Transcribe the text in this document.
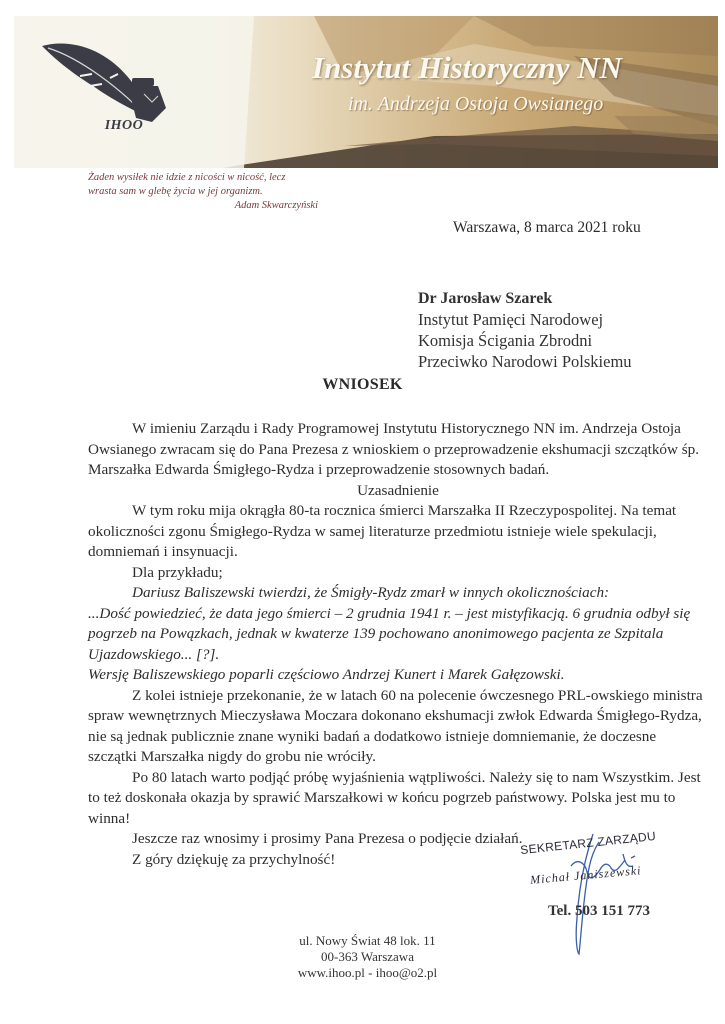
IHOO
Instytut Historyczny NN
im. Andrzeja Ostoja Owsianego
Żaden wysiłek nie idzie z nicości w nicość, lecz
wrasta sam w glebę życia w jej organizm.
Adam Skwarczyński
Warszawa, 8 marca 2021 roku
Dr Jarosław Szarek
Instytut Pamięci Narodowej
Komisja Ścigania Zbrodni
Przeciwko Narodowi Polskiemu
WNIOSEK

W imieniu Zarządu i Rady Programowej Instytutu Historycznego NN im. Andrzeja Ostoja Owsianego zwracam się do Pana Prezesa z wnioskiem o przeprowadzenie ekshumacji szczątków śp. Marszałka Edwarda Śmigłego-Rydza i przeprowadzenie stosownych badań.

Uzasadnienie

W tym roku mija okrągła 80-ta rocznica śmierci Marszałka II Rzeczypospolitej. Na temat okoliczności zgonu Śmigłego-Rydza w samej literaturze przedmiotu istnieje wiele spekulacji, domniemań i insynuacji.

Dla przykładu;

Dariusz Baliszewski twierdzi, że Śmigły-Rydz zmarł w innych okolicznościach:

...Dość powiedzieć, że data jego śmierci – 2 grudnia 1941 r. – jest mistyfikacją. 6 grudnia odbył się pogrzeb na Powązkach, jednak w kwaterze 139 pochowano anonimowego pacjenta ze Szpitala Ujazdowskiego... [?].

Wersję Baliszewskiego poparli częściowo Andrzej Kunert i Marek Gałęzowski.

Z kolei istnieje przekonanie, że w latach 60 na polecenie ówczesnego PRL-owskiego ministra spraw wewnętrznych Mieczysława Moczara dokonano ekshumacji zwłok Edwarda Śmigłego-Rydza, nie są jednak publicznie znane wyniki badań a dodatkowo istnieje domniemanie, że doczesne szczątki Marszałka nigdy do grobu nie wróciły.

Po 80 latach warto podjąć próbę wyjaśnienia wątpliwości. Należy się to nam Wszystkim. Jest to też doskonała okazja by sprawić Marszałkowi w końcu pogrzeb państwowy. Polska jest mu to winna!

Jeszcze raz wnosimy i prosimy Pana Prezesa o podjęcie działań.

Z góry dziękuję za przychylność!

SEKRETARZ ZARZĄDU
Michał Janiszewski
Tel. 503 151 773
ul. Nowy Świat 48 lok. 11
00-363 Warszawa
www.ihoo.pl - ihoo@o2.pl
